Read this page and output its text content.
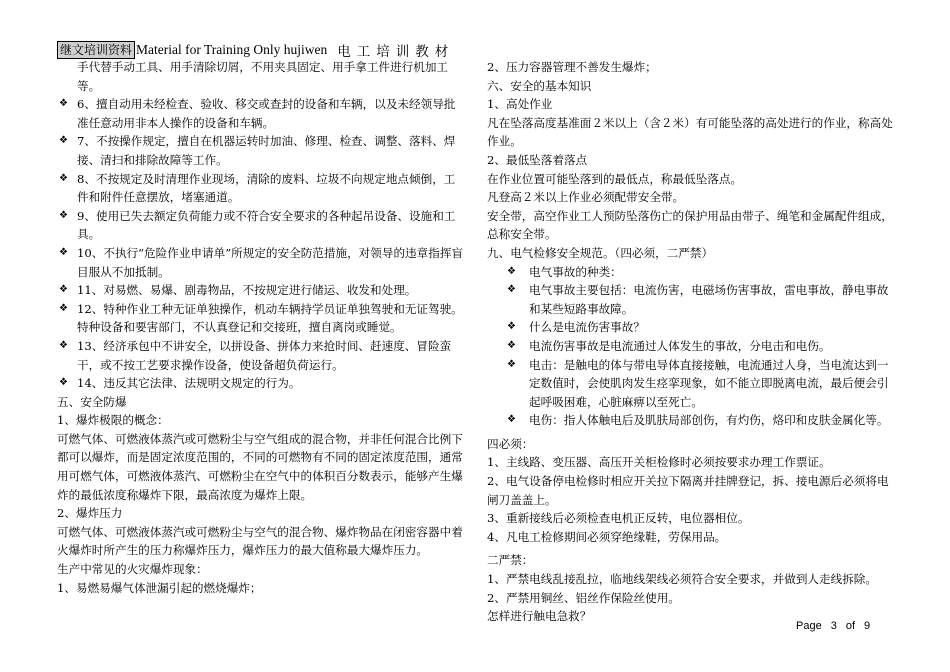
继文培训资料 Material for Training Only hujiwen 电工培训教材

手代替手动工具、用手清除切屑，不用夹具固定、用手拿工件进行机加工等。

❖ 6、擅自动用未经检查、验收、移交或查封的设备和车辆，以及未经领导批准任意动用非本人操作的设备和车辆。
❖ 7、不按操作规定，擅自在机器运转时加油、修理、检查、调整、落料、焊接、清扫和排除故障等工作。
❖ 8、不按规定及时清理作业现场，清除的废料、垃圾不向规定地点倾倒，工件和附件任意摆放，堵塞通道。
❖ 9、使用已失去额定负荷能力或不符合安全要求的各种起吊设备、设施和工具。
❖ 10、不执行“危险作业申请单”所规定的安全防范措施，对领导的违章指挥盲目服从不加抵制。
❖ 11、对易燃、易爆、剧毒物品，不按规定进行储运、收发和处理。
❖ 12、特种作业工种无证单独操作，机动车辆持学员证单独驾驶和无证驾驶。特种设备和要害部门，不认真登记和交接班，擅自离岗或睡觉。
❖ 13、经济承包中不讲安全，以拼设备、拼体力来抢时间、赶速度、冒险蛮干，或不按工艺要求操作设备，使设备超负荷运行。
❖ 14、违反其它法律、法规明文规定的行为。

五、安全防爆

1、爆炸极限的概念：

可燃气体、可燃液体蒸汽或可燃粉尘与空气组成的混合物，并非任何混合比例下都可以爆炸，而是固定浓度范围的，不同的可燃物有不同的固定浓度范围，通常用可燃气体，可燃液体蒸汽、可燃粉尘在空气中的体积百分数表示，能够产生爆炸的最低浓度称爆炸下限，最高浓度为爆炸上限。

2、爆炸压力

可燃气体、可燃液体蒸汽或可燃粉尘与空气的混合物、爆炸物品在闭密容器中着火爆炸时所产生的压力称爆炸压力，爆炸压力的最大值称最大爆炸压力。

生产中常见的火灾爆炸现象：

1、易燃易爆气体泄漏引起的燃烧爆炸；

2、压力容器管理不善发生爆炸；

六、安全的基本知识

1、高处作业

凡在坠落高度基准面２米以上（含２米）有可能坠落的高处进行的作业，称高处作业。

2、最低坠落着落点

在作业位置可能坠落到的最低点，称最低坠落点。

凡登高２米以上作业必须配带安全带。

安全带，高空作业工人预防坠落伤亡的保护用品由带子、绳笔和金属配件组成，总称安全带。

九、电气检修安全规范。（四必须，二严禁）

❖	电气事故的种类：
❖	电气事故主要包括：电流伤害，电磁场伤害事故，雷电事故，静电事故和某些短路事故障。
❖	什么是电流伤害事故？
❖	电流伤害事故是电流通过人体发生的事故，分电击和电伤。
❖	电击：是触电的体与带电导体直接接触，电流通过人身，当电流达到一定数值时，会使肌肉发生痉挛现象，如不能立即脱离电流，最后便会引起呼吸困难，心脏麻痹以至死亡。
❖	电伤：指人体触电后及肌肤局部创伤，有灼伤，烙印和皮肤金属化等。

四必须：

1、主线路、变压器、高压开关柜检修时必须按要求办理工作票证。

2、电气设备停电检修时相应开关拉下隔离并挂牌登记，拆、接电源后必须将电闸刀盖盖上。

3、重新接线后必须检查电机正反转，电位器相位。

4、凡电工检修期间必须穿绝缘鞋，劳保用品。

二严禁：

1、严禁电线乱接乱拉，临地线架线必须符合安全要求，并做到人走线拆除。

2、严禁用铜丝、铝丝作保险丝使用。

怎样进行触电急救？

Page 3 of 9
